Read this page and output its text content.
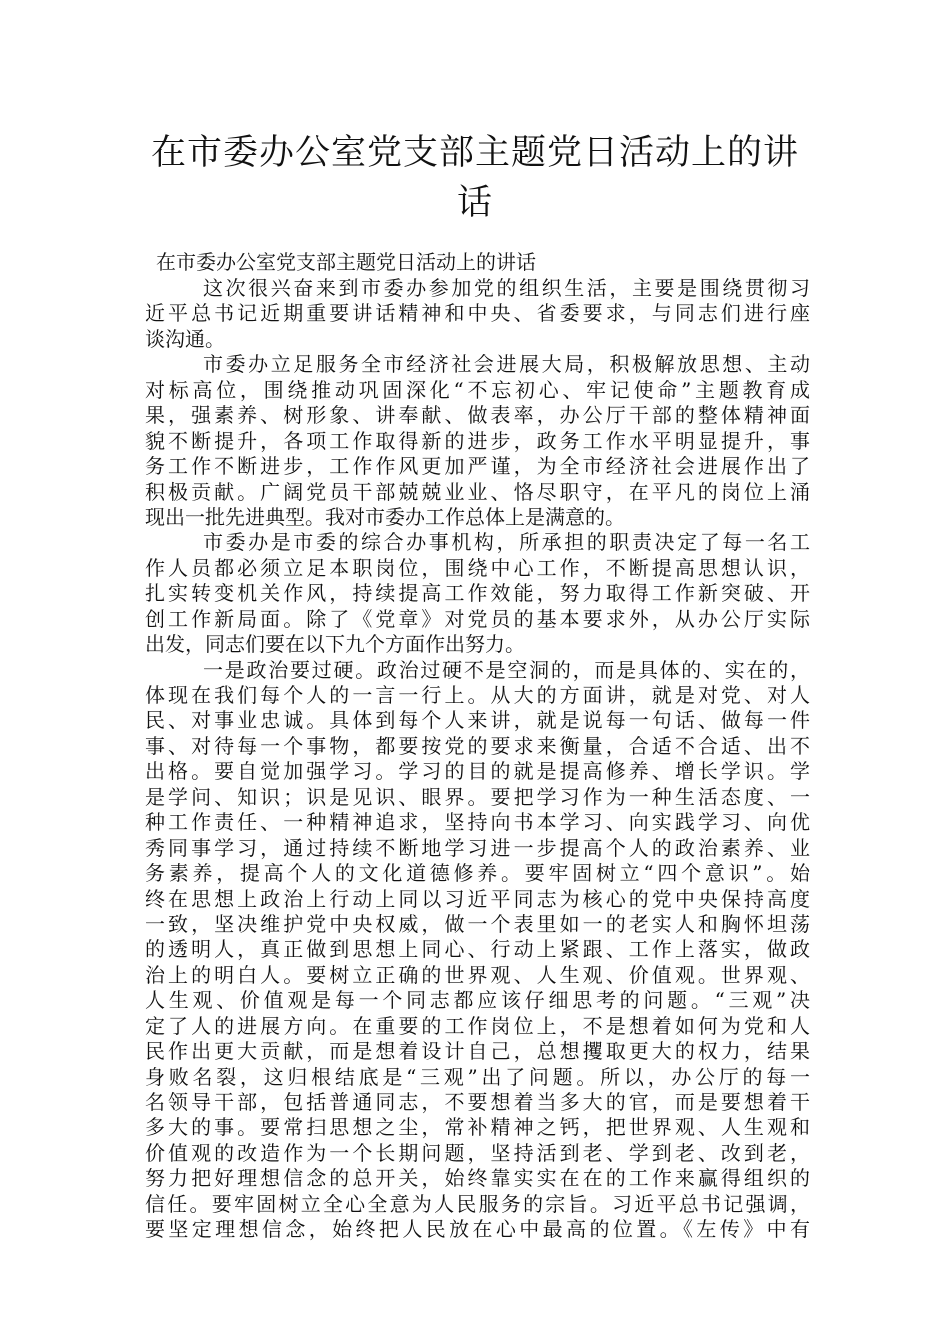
在市委办公室党支部主题党日活动上的讲话

在市委办公室党支部主题党日活动上的讲话

这次很兴奋来到市委办参加党的组织生活，主要是围绕贯彻习
近平总书记近期重要讲话精神和中央、省委要求，与同志们进行座
谈沟通。
市委办立足服务全市经济社会进展大局，积极解放思想、主动
对标高位，围绕推动巩固深化“不忘初心、牢记使命”主题教育成
果，强素养、树形象、讲奉献、做表率，办公厅干部的整体精神面
貌不断提升，各项工作取得新的进步，政务工作水平明显提升，事
务工作不断进步，工作作风更加严谨，为全市经济社会进展作出了
积极贡献。广阔党员干部兢兢业业、恪尽职守，在平凡的岗位上涌
现出一批先进典型。我对市委办工作总体上是满意的。
市委办是市委的综合办事机构，所承担的职责决定了每一名工
作人员都必须立足本职岗位，围绕中心工作，不断提高思想认识，
扎实转变机关作风，持续提高工作效能，努力取得工作新突破、开
创工作新局面。除了《党章》对党员的基本要求外，从办公厅实际
出发，同志们要在以下九个方面作出努力。
一是政治要过硬。政治过硬不是空洞的，而是具体的、实在的，
体现在我们每个人的一言一行上。从大的方面讲，就是对党、对人
民、对事业忠诚。具体到每个人来讲，就是说每一句话、做每一件
事、对待每一个事物，都要按党的要求来衡量，合适不合适、出不
出格。要自觉加强学习。学习的目的就是提高修养、增长学识。学
是学问、知识；识是见识、眼界。要把学习作为一种生活态度、一
种工作责任、一种精神追求，坚持向书本学习、向实践学习、向优
秀同事学习，通过持续不断地学习进一步提高个人的政治素养、业
务素养，提高个人的文化道德修养。要牢固树立“四个意识”。始
终在思想上政治上行动上同以习近平同志为核心的党中央保持高度
一致，坚决维护党中央权威，做一个表里如一的老实人和胸怀坦荡
的透明人，真正做到思想上同心、行动上紧跟、工作上落实，做政
治上的明白人。要树立正确的世界观、人生观、价值观。世界观、
人生观、价值观是每一个同志都应该仔细思考的问题。“三观”决
定了人的进展方向。在重要的工作岗位上，不是想着如何为党和人
民作出更大贡献，而是想着设计自己，总想攫取更大的权力，结果
身败名裂，这归根结底是“三观”出了问题。所以，办公厅的每一
名领导干部，包括普通同志，不要想着当多大的官，而是要想着干
多大的事。要常扫思想之尘，常补精神之钙，把世界观、人生观和
价值观的改造作为一个长期问题，坚持活到老、学到老、改到老，
努力把好理想信念的总开关，始终靠实实在在的工作来赢得组织的
信任。要牢固树立全心全意为人民服务的宗旨。习近平总书记强调，
要坚定理想信念，始终把人民放在心中最高的位置。《左传》中有
